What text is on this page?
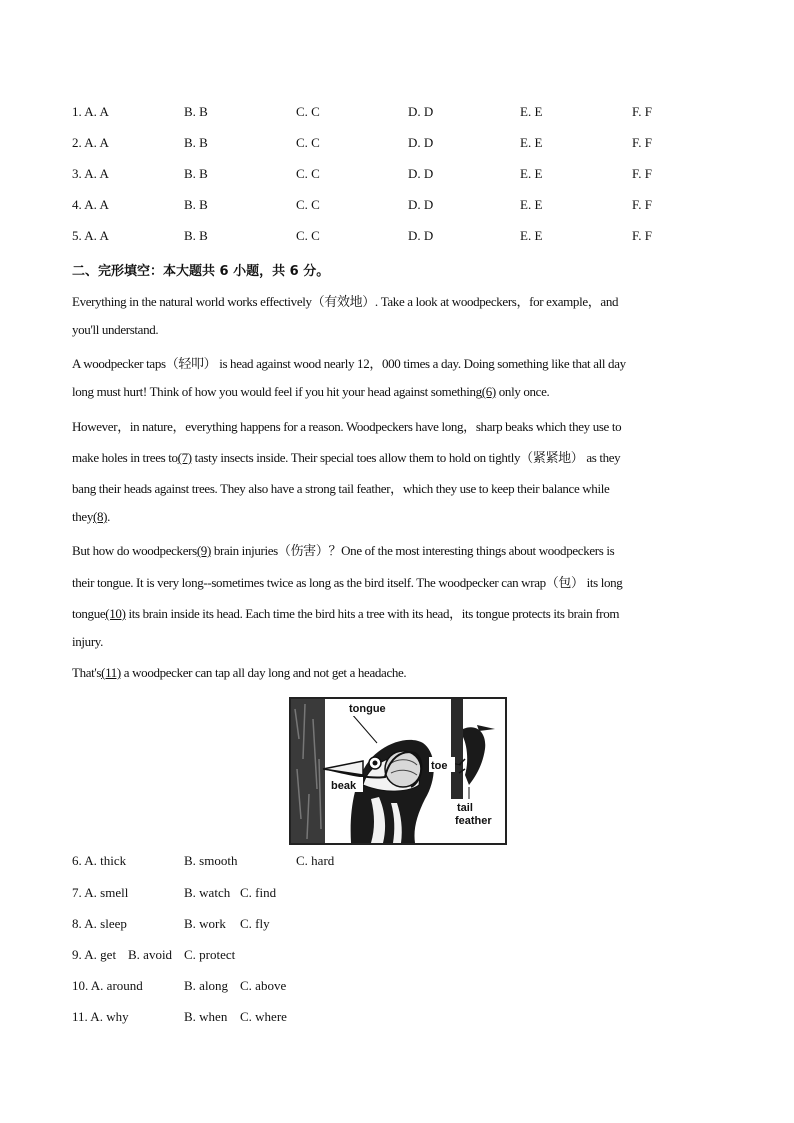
1. A. A	B. B	C. C	D. D	E. E	F. F
2. A. A	B. B	C. C	D. D	E. E	F. F
3. A. A	B. B	C. C	D. D	E. E	F. F
4. A. A	B. B	C. C	D. D	E. E	F. F
5. A. A	B. B	C. C	D. D	E. E	F. F
二、完形填空：本大题共 6 小题，共 6 分。
Everything in the natural world works effectively（有效地）. Take a look at woodpeckers，for example，and
you'll understand.
A woodpecker taps（轻叩） is head against wood nearly 12，000 times a day. Doing something like that all day
long must hurt! Think of how you would feel if you hit your head against something(6) only once.
However，in nature，everything happens for a reason. Woodpeckers have long，sharp beaks which they use to
make holes in trees to(7) tasty insects inside. Their special toes allow them to hold on tightly（紧紧地） as they
bang their heads against trees. They also have a strong tail feather，which they use to keep their balance while
they(8).
But how do woodpeckers(9) brain injuries（伤害）？One of the most interesting things about woodpeckers is
their tongue. It is very long--sometimes twice as long as the bird itself. The woodpecker can wrap（包） its long
tongue(10) its brain inside its head. Each time the bird hits a tree with its head，its tongue protects its brain from
injury.
That's(11) a woodpecker can tap all day long and not get a headache.
tongue
beak
toe
tail
feather
6. A. thick	B. smooth	C. hard
7. A. smell	B. watch C. find
8. A. sleep	B. work C. fly
9. A. get B. avoid C. protect
10. A. around	B. along C. above
11. A. why	B. when C. where
